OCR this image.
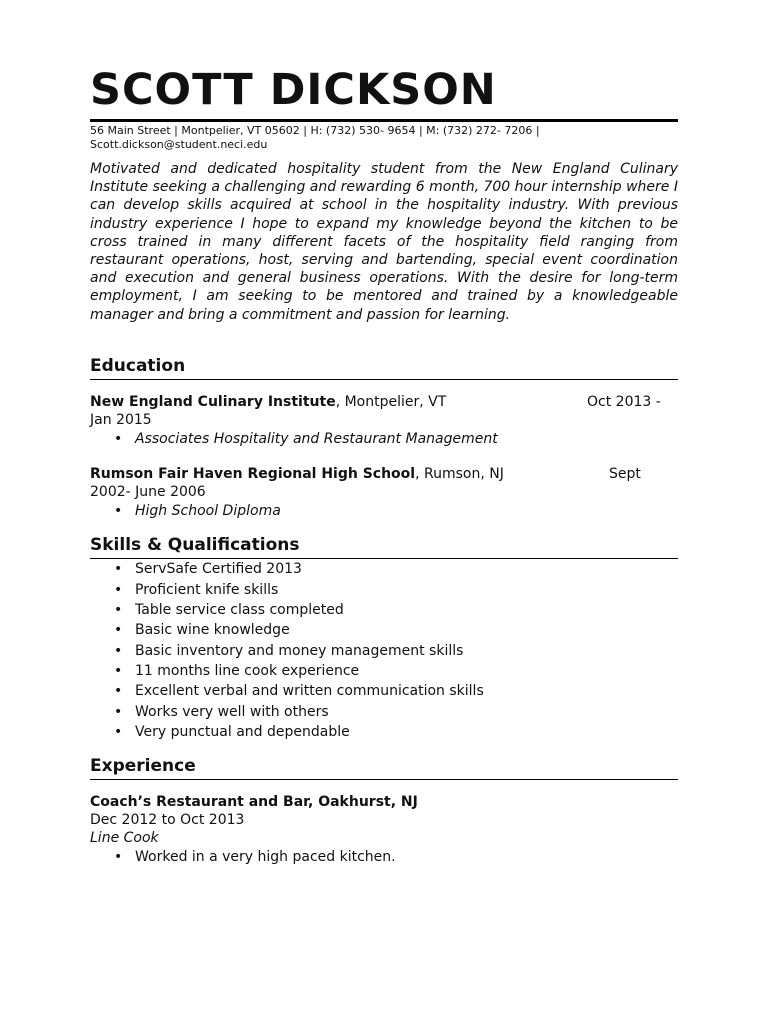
SCOTT DICKSON
56 Main Street | Montpelier, VT 05602 | H: (732) 530- 9654 | M: (732) 272- 7206 |
Scott.dickson@student.neci.edu
Motivated and dedicated hospitality student from the New England Culinary Institute seeking a challenging and rewarding 6 month, 700 hour internship where I can develop skills acquired at school in the hospitality industry. With previous industry experience I hope to expand my knowledge beyond the kitchen to be cross trained in many different facets of the hospitality field ranging from restaurant operations, host, serving and bartending, special event coordination and execution and general business operations. With the desire for long-term employment, I am seeking to be mentored and trained by a knowledgeable manager and bring a commitment and passion for learning.
Education
New England Culinary Institute, Montpelier, VT	Oct 2013 -
Jan 2015
• Associates Hospitality and Restaurant Management
Rumson Fair Haven Regional High School, Rumson, NJ	Sept
2002- June 2006
• High School Diploma
Skills & Qualifications
• ServSafe Certified 2013
• Proficient knife skills
• Table service class completed
• Basic wine knowledge
• Basic inventory and money management skills
• 11 months line cook experience
• Excellent verbal and written communication skills
• Works very well with others
• Very punctual and dependable
Experience
Coach’s Restaurant and Bar, Oakhurst, NJ
Dec 2012 to Oct 2013
Line Cook
• Worked in a very high paced kitchen.
